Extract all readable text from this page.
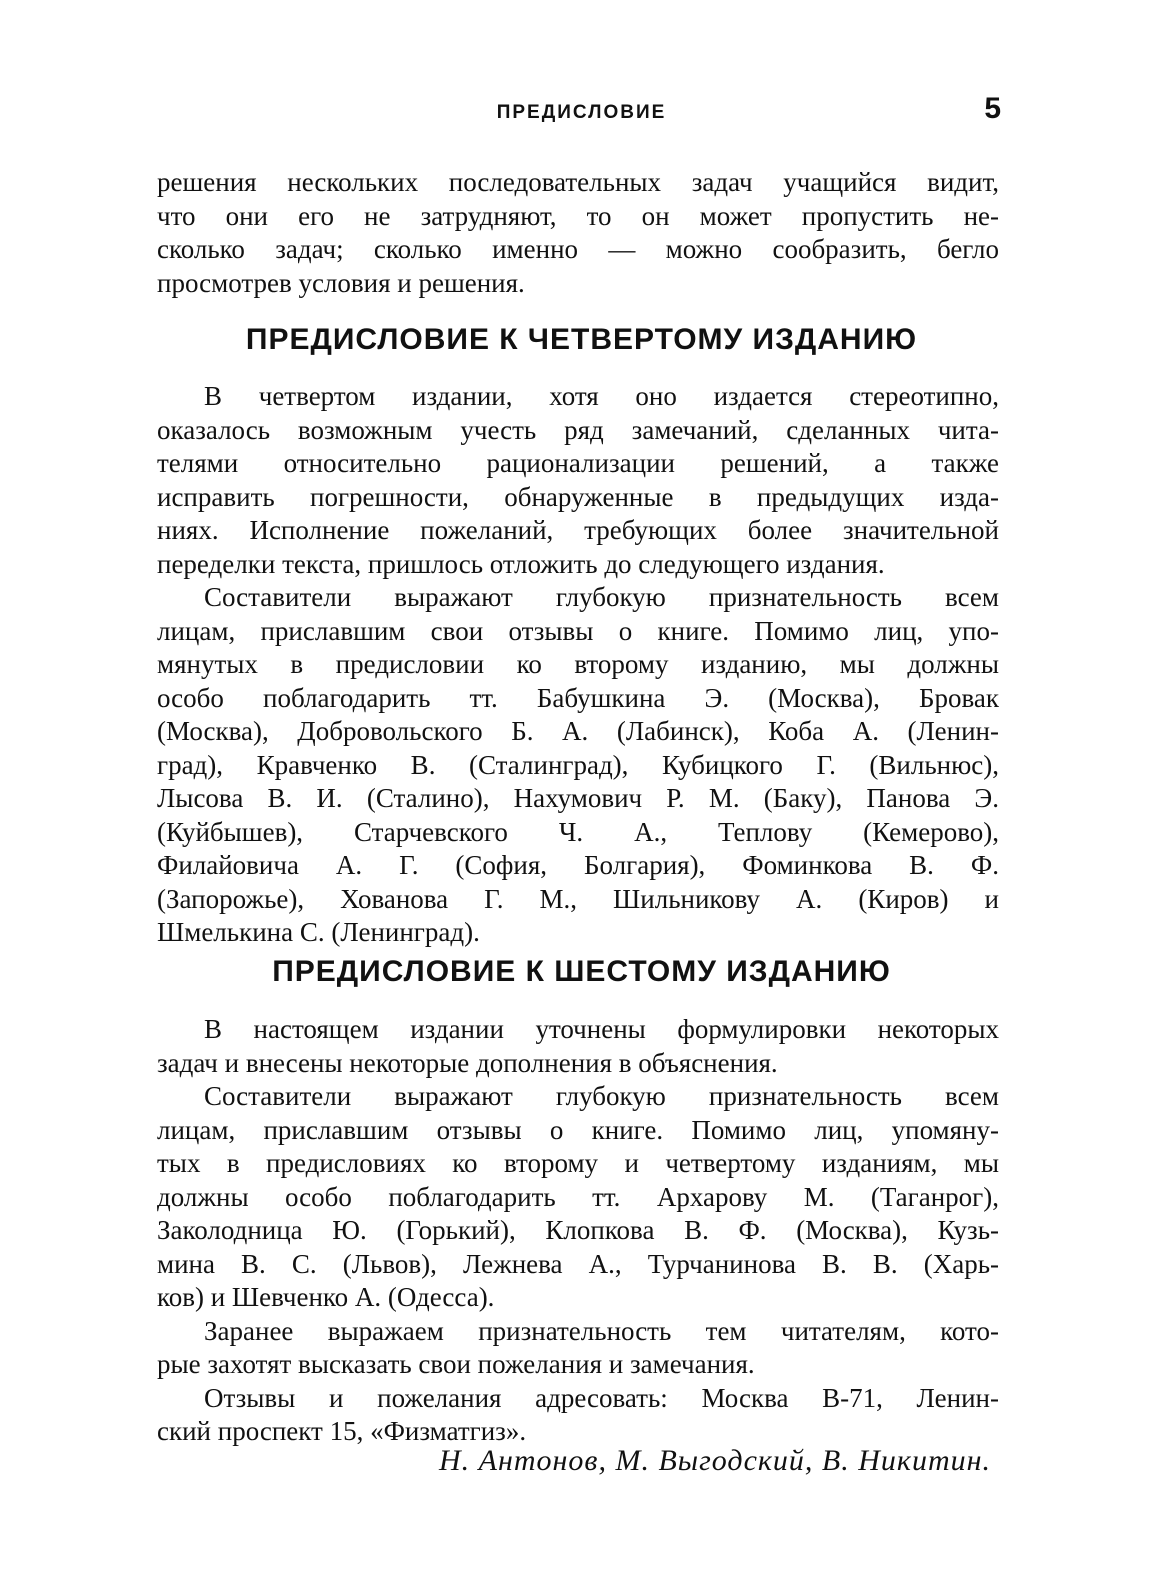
ПРЕДИСЛОВИЕ	5
решения нескольких последовательных задач учащийся видит,
что они его не затрудняют, то он может пропустить не-
сколько задач; сколько именно — можно сообразить, бегло
просмотрев условия и решения.
ПРЕДИСЛОВИЕ К ЧЕТВЕРТОМУ ИЗДАНИЮ
В четвертом издании, хотя оно издается стереотипно,
оказалось возможным учесть ряд замечаний, сделанных чита-
телями относительно рационализации решений, а также
исправить погрешности, обнаруженные в предыдущих изда-
ниях. Исполнение пожеланий, требующих более значительной
переделки текста, пришлось отложить до следующего издания.
Составители выражают глубокую признательность всем
лицам, приславшим свои отзывы о книге. Помимо лиц, упо-
мянутых в предисловии ко второму изданию, мы должны
особо поблагодарить тт. Бабушкина Э. (Москва), Бровак
(Москва), Добровольского Б. А. (Лабинск), Коба А. (Ленин-
град), Кравченко В. (Сталинград), Кубицкого Г. (Вильнюс),
Лысова В. И. (Сталино), Нахумович Р. М. (Баку), Панова Э.
(Куйбышев), Старчевского Ч. А., Теплову (Кемерово),
Филайовича А. Г. (София, Болгария), Фоминкова В. Ф.
(Запорожье), Хованова Г. М., Шильникову А. (Киров) и
Шмелькина С. (Ленинград).
ПРЕДИСЛОВИЕ К ШЕСТОМУ ИЗДАНИЮ
В настоящем издании уточнены формулировки некоторых
задач и внесены некоторые дополнения в объяснения.
Составители выражают глубокую признательность всем
лицам, приславшим отзывы о книге. Помимо лиц, упомяну-
тых в предисловиях ко второму и четвертому изданиям, мы
должны особо поблагодарить тт. Архарову М. (Таганрог),
Заколодница Ю. (Горький), Клопкова В. Ф. (Москва), Кузь-
мина В. С. (Львов), Лежнева А., Турчанинова В. В. (Харь-
ков) и Шевченко А. (Одесса).
Заранее выражаем признательность тем читателям, кото-
рые захотят высказать свои пожелания и замечания.
Отзывы и пожелания адресовать: Москва В-71, Ленин-
ский проспект 15, «Физматгиз».
Н. Антонов, М. Выгодский, В. Никитин.
